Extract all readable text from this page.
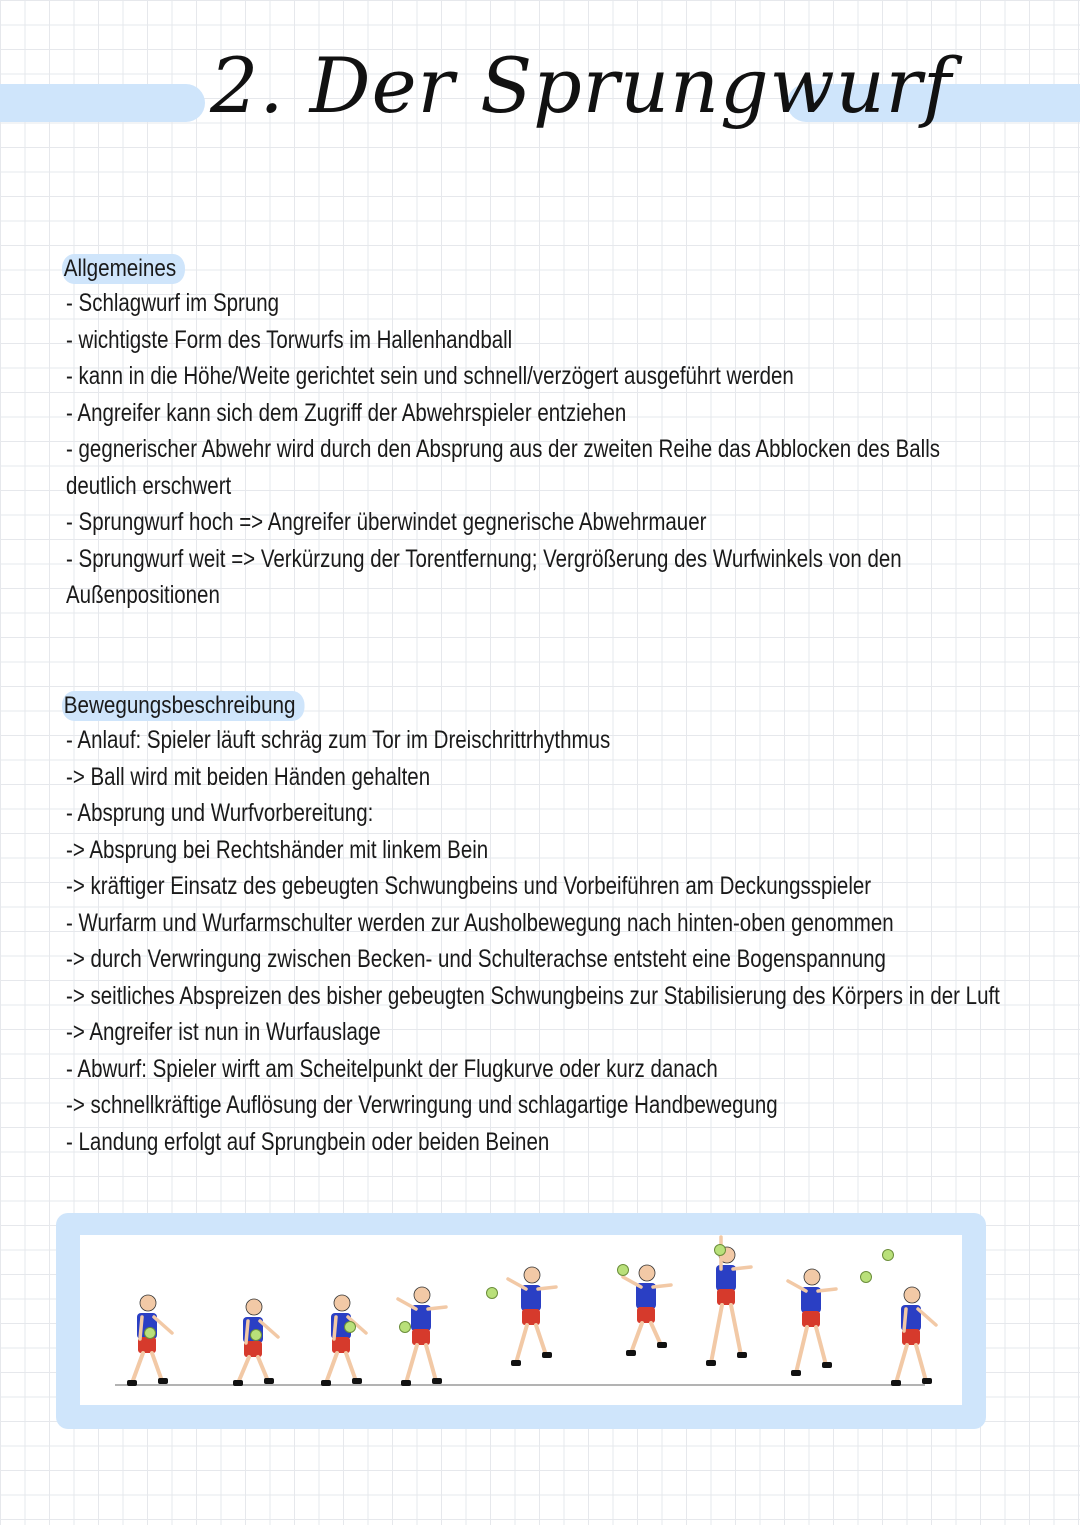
2. Der Sprungwurf
Allgemeines
- Schlagwurf im Sprung
- wichtigste Form des Torwurfs im Hallenhandball
- kann in die Höhe/Weite gerichtet sein und schnell/verzögert ausgeführt werden
- Angreifer kann sich dem Zugriff der Abwehrspieler entziehen
- gegnerischer Abwehr wird durch den Absprung aus der zweiten Reihe das Abblocken des Balls
deutlich erschwert
- Sprungwurf hoch => Angreifer überwindet gegnerische Abwehrmauer
- Sprungwurf weit => Verkürzung der Torentfernung; Vergrößerung des Wurfwinkels von den
Außenpositionen
Bewegungsbeschreibung
- Anlauf: Spieler läuft schräg zum Tor im Dreischrittrhythmus
-> Ball wird mit beiden Händen gehalten
- Absprung und Wurfvorbereitung:
-> Absprung bei Rechtshänder mit linkem Bein
-> kräftiger Einsatz des gebeugten Schwungbeins und Vorbeiführen am Deckungsspieler
- Wurfarm und Wurfarmschulter werden zur Ausholbewegung nach hinten-oben genommen
-> durch Verwringung zwischen Becken- und Schulterachse entsteht eine Bogenspannung
-> seitliches Abspreizen des bisher gebeugten Schwungbeins zur Stabilisierung des Körpers in der Luft
-> Angreifer ist nun in Wurfauslage
- Abwurf: Spieler wirft am Scheitelpunkt der Flugkurve oder kurz danach
-> schnellkräftige Auflösung der Verwringung und schlagartige Handbewegung
- Landung erfolgt auf Sprungbein oder beiden Beinen
